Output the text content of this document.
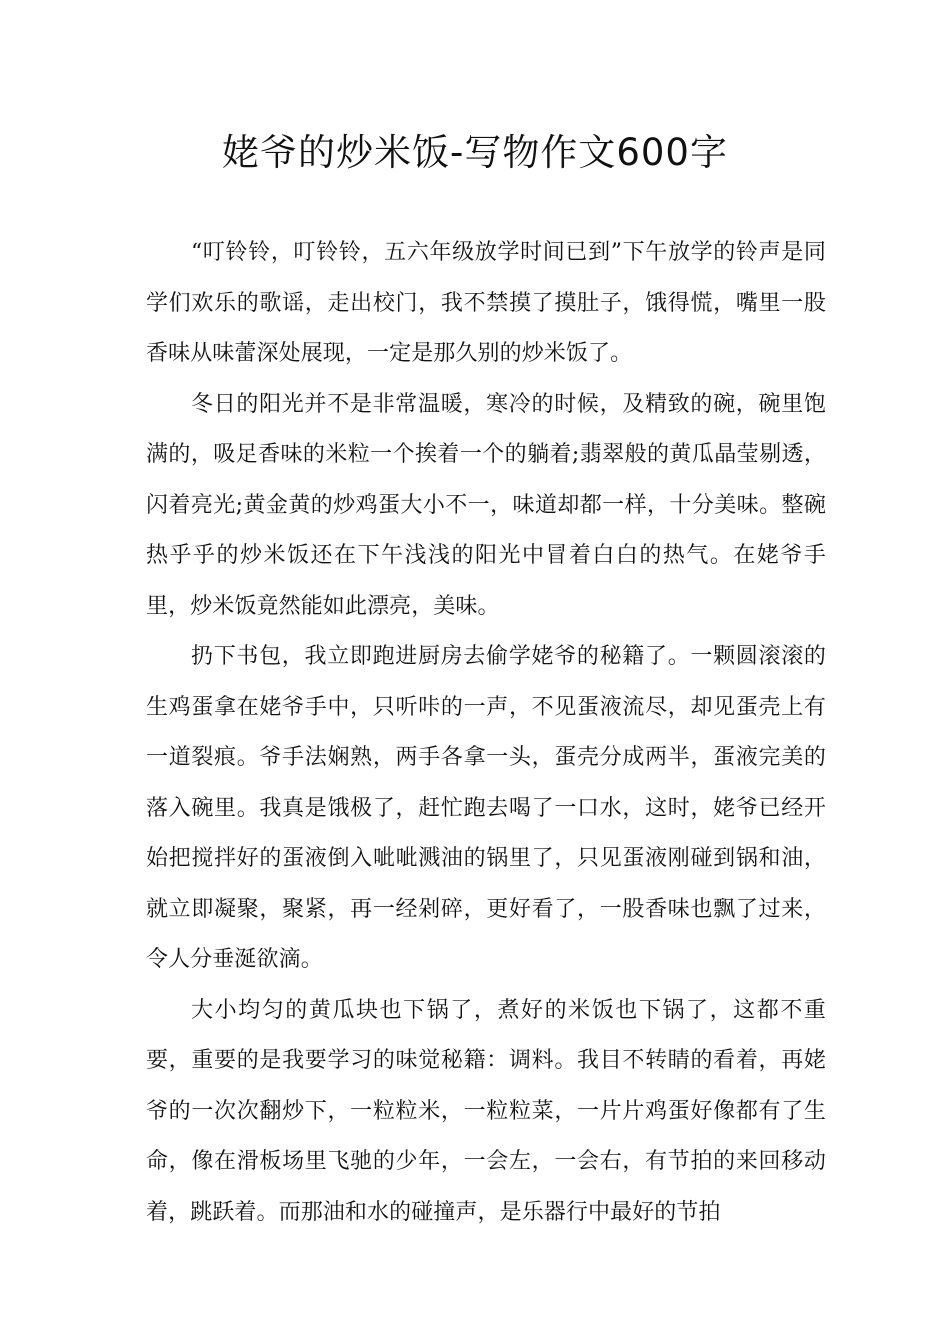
姥爷的炒米饭-写物作文600字

“叮铃铃，叮铃铃，五六年级放学时间已到”下午放学的铃声是同学们欢乐的歌谣，走出校门，我不禁摸了摸肚子，饿得慌，嘴里一股香味从味蕾深处展现，一定是那久别的炒米饭了。

冬日的阳光并不是非常温暖，寒冷的时候，及精致的碗，碗里饱满的，吸足香味的米粒一个挨着一个的躺着;翡翠般的黄瓜晶莹剔透，闪着亮光;黄金黄的炒鸡蛋大小不一，味道却都一样，十分美味。整碗热乎乎的炒米饭还在下午浅浅的阳光中冒着白白的热气。在姥爷手里，炒米饭竟然能如此漂亮，美味。

扔下书包，我立即跑进厨房去偷学姥爷的秘籍了。一颗圆滚滚的生鸡蛋拿在姥爷手中，只听咔的一声，不见蛋液流尽，却见蛋壳上有一道裂痕。爷手法娴熟，两手各拿一头，蛋壳分成两半，蛋液完美的落入碗里。我真是饿极了，赶忙跑去喝了一口水，这时，姥爷已经开始把搅拌好的蛋液倒入呲呲溅油的锅里了，只见蛋液刚碰到锅和油，就立即凝聚，聚紧，再一经剁碎，更好看了，一股香味也飘了过来，令人分垂涎欲滴。

大小均匀的黄瓜块也下锅了，煮好的米饭也下锅了，这都不重要，重要的是我要学习的味觉秘籍：调料。我目不转睛的看着，再姥爷的一次次翻炒下，一粒粒米，一粒粒菜，一片片鸡蛋好像都有了生命，像在滑板场里飞驰的少年，一会左，一会右，有节拍的来回移动着，跳跃着。而那油和水的碰撞声，是乐器行中最好的节拍
